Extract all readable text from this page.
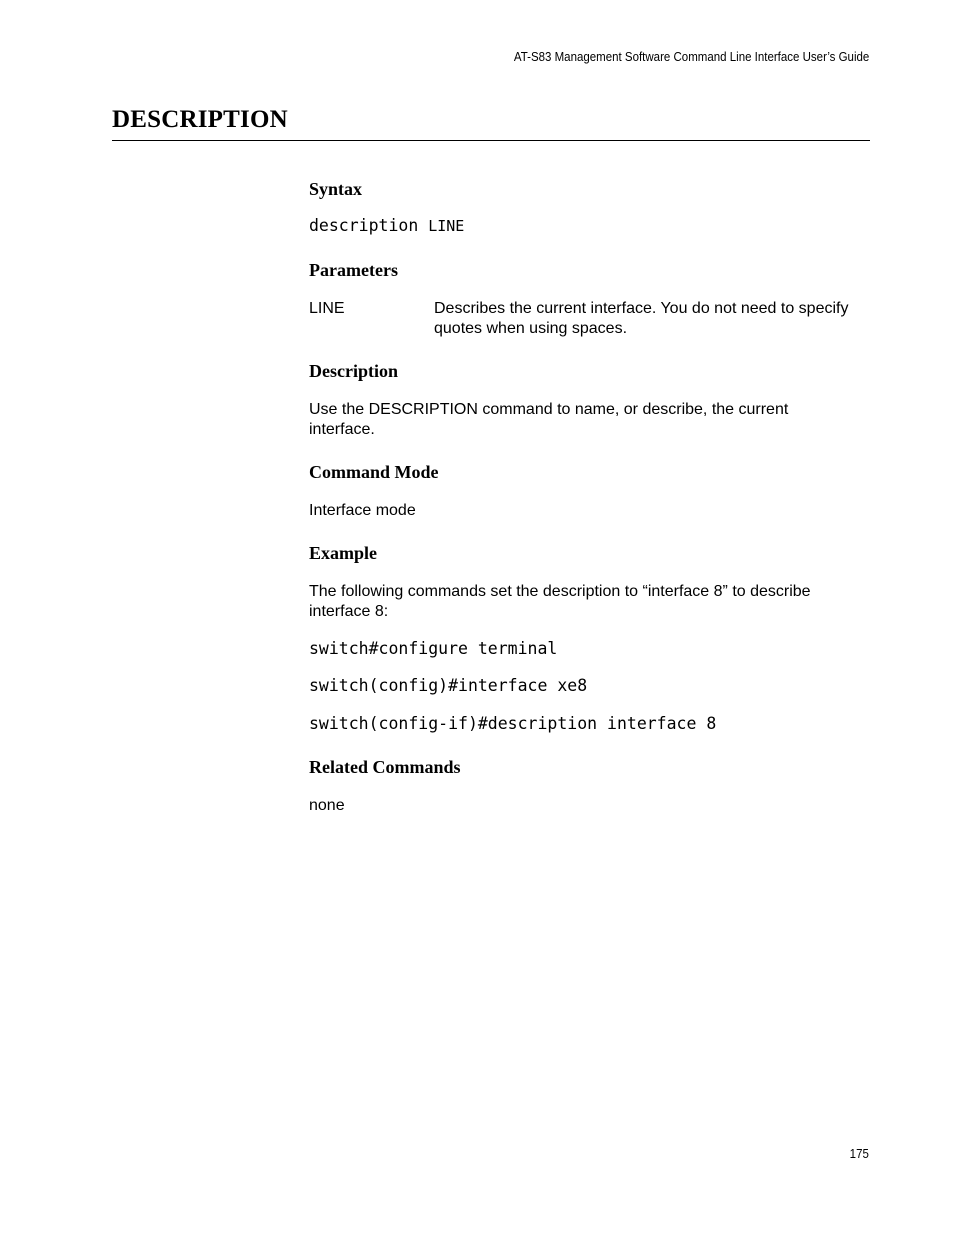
AT-S83 Management Software Command Line Interface User’s Guide
DESCRIPTION
Syntax
description LINE
Parameters
LINE	Describes the current interface. You do not need to specify quotes when using spaces.
Description
Use the DESCRIPTION command to name, or describe, the current interface.
Command Mode
Interface mode
Example
The following commands set the description to “interface 8” to describe interface 8:
switch#configure terminal
switch(config)#interface xe8
switch(config-if)#description interface 8
Related Commands
none
175
